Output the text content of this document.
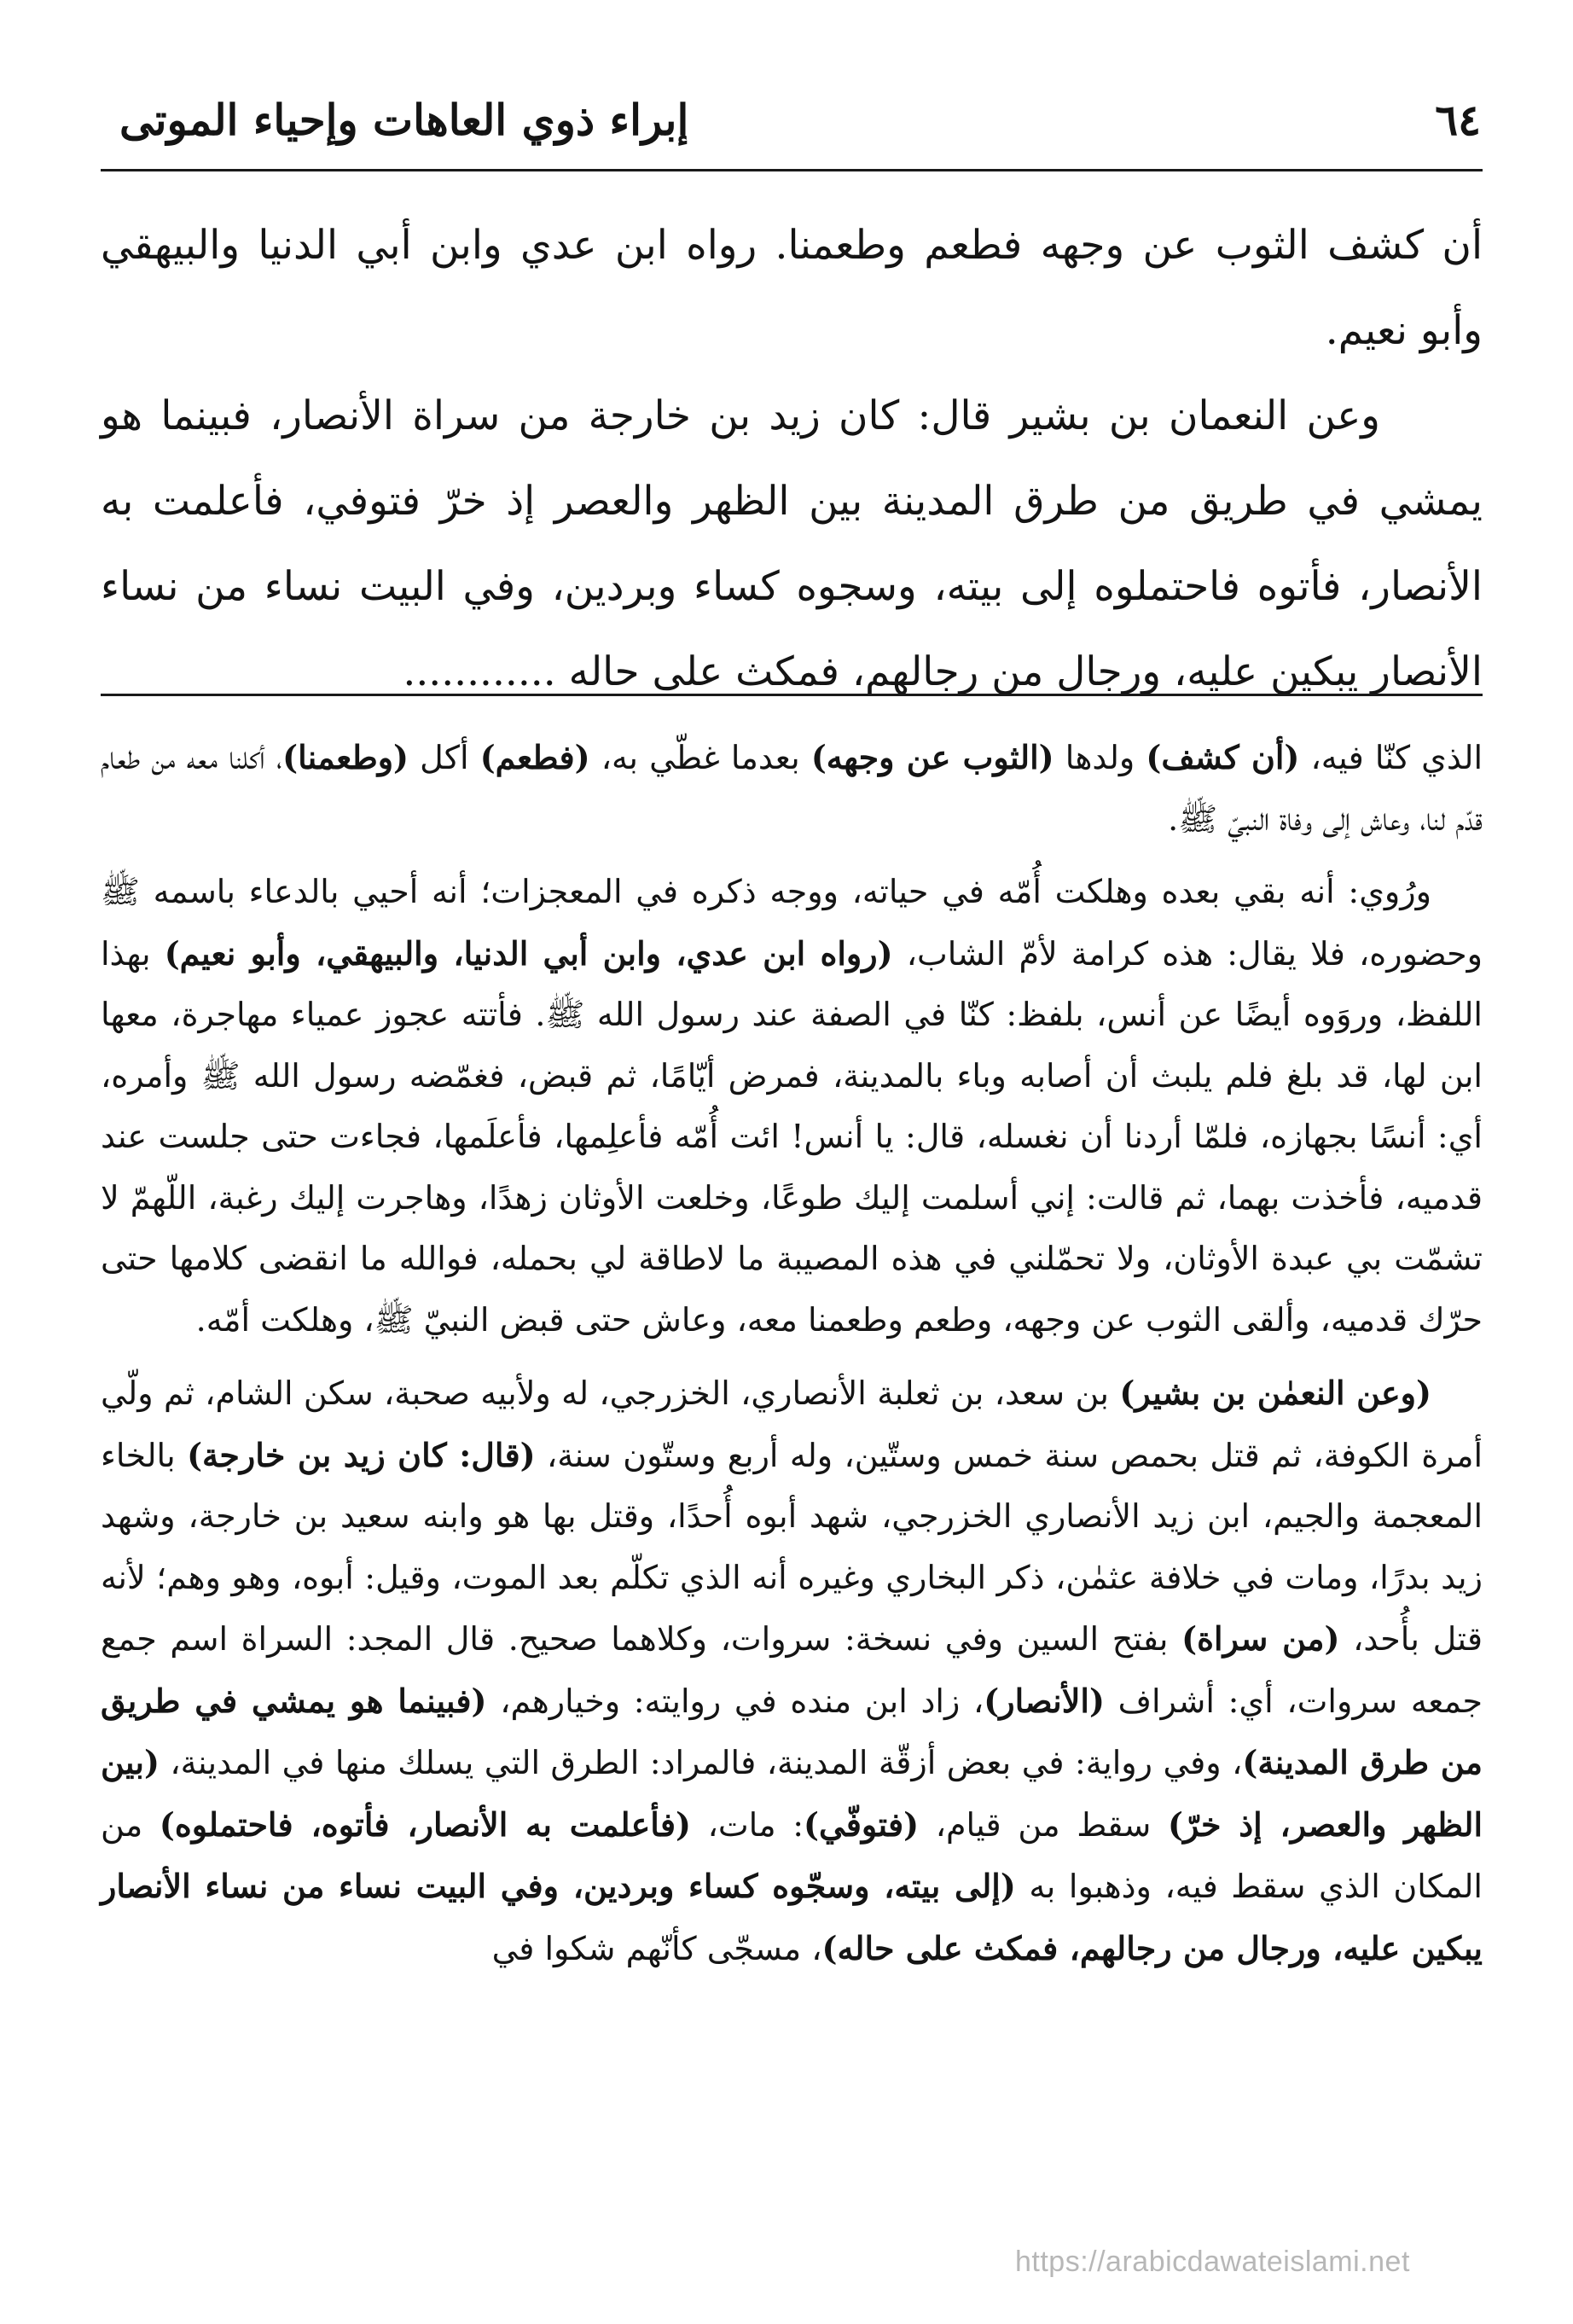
٦٤
إبراء ذوي العاهات وإحياء الموتى

أن كشف الثوب عن وجهه فطعم وطعمنا. رواه ابن عدي وابن أبي الدنيا والبيهقي وأبو نعيم.

وعن النعمان بن بشير قال: كان زيد بن خارجة من سراة الأنصار، فبينما هو يمشي في طريق من طرق المدينة بين الظهر والعصر إذ خرّ فتوفي، فأعلمت به الأنصار، فأتوه فاحتملوه إلى بيته، وسجوه كساء وبردين، وفي البيت نساء من نساء الأنصار يبكين عليه، ورجال من رجالهم، فمكث على حاله ............

الذي كنّا فيه، (أن كشف) ولدها (الثوب عن وجهه) بعدما غطّي به، (فطعم) أكل (وطعمنا)، أكلنا معه من طعام قدّم لنا، وعاش إلى وفاة النبيّ ﷺ.

ورُوي: أنه بقي بعده وهلكت أُمّه في حياته، ووجه ذكره في المعجزات؛ أنه أحيي بالدعاء باسمه ﷺ وحضوره، فلا يقال: هذه كرامة لأمّ الشاب، (رواه ابن عدي، وابن أبي الدنيا، والبيهقي، وأبو نعيم) بهذا اللفظ، وروَوه أيضًا عن أنس، بلفظ: كنّا في الصفة عند رسول الله ﷺ. فأتته عجوز عمياء مهاجرة، معها ابن لها، قد بلغ فلم يلبث أن أصابه وباء بالمدينة، فمرض أيّامًا، ثم قبض، فغمّضه رسول الله ﷺ وأمره، أي: أنسًا بجهازه، فلمّا أردنا أن نغسله، قال: يا أنس! ائت أُمّه فأعلِمها، فأعلَمها، فجاءت حتى جلست عند قدميه، فأخذت بهما، ثم قالت: إني أسلمت إليك طوعًا، وخلعت الأوثان زهدًا، وهاجرت إليك رغبة، اللّهمّ لا تشمّت بي عبدة الأوثان، ولا تحمّلني في هذه المصيبة ما لاطاقة لي بحمله، فوالله ما انقضى كلامها حتى حرّك قدميه، وألقى الثوب عن وجهه، وطعم وطعمنا معه، وعاش حتى قبض النبيّ ﷺ، وهلكت أمّه.

(وعن النعمٰن بن بشير) بن سعد، بن ثعلبة الأنصاري، الخزرجي، له ولأبيه صحبة، سكن الشام، ثم ولّي أمرة الكوفة، ثم قتل بحمص سنة خمس وستّين، وله أربع وستّون سنة، (قال: كان زيد بن خارجة) بالخاء المعجمة والجيم، ابن زيد الأنصاري الخزرجي، شهد أبوه أُحدًا، وقتل بها هو وابنه سعيد بن خارجة، وشهد زيد بدرًا، ومات في خلافة عثمٰن، ذكر البخاري وغيره أنه الذي تكلّم بعد الموت، وقيل: أبوه، وهو وهم؛ لأنه قتل بأُحد، (من سراة) بفتح السين وفي نسخة: سروات، وكلاهما صحيح. قال المجد: السراة اسم جمع جمعه سروات، أي: أشراف (الأنصار)، زاد ابن منده في روايته: وخيارهم، (فبينما هو يمشي في طريق من طرق المدينة)، وفي رواية: في بعض أزقّة المدينة، فالمراد: الطرق التي يسلك منها في المدينة، (بين الظهر والعصر، إذ خرّ) سقط من قيام، (فتوفّي): مات، (فأعلمت به الأنصار، فأتوه، فاحتملوه) من المكان الذي سقط فيه، وذهبوا به (إلى بيته، وسجّوه كساء وبردين، وفي البيت نساء من نساء الأنصار يبكين عليه، ورجال من رجالهم، فمكث على حاله)، مسجّى كأنّهم شكوا في

https://arabicdawateislami.net
